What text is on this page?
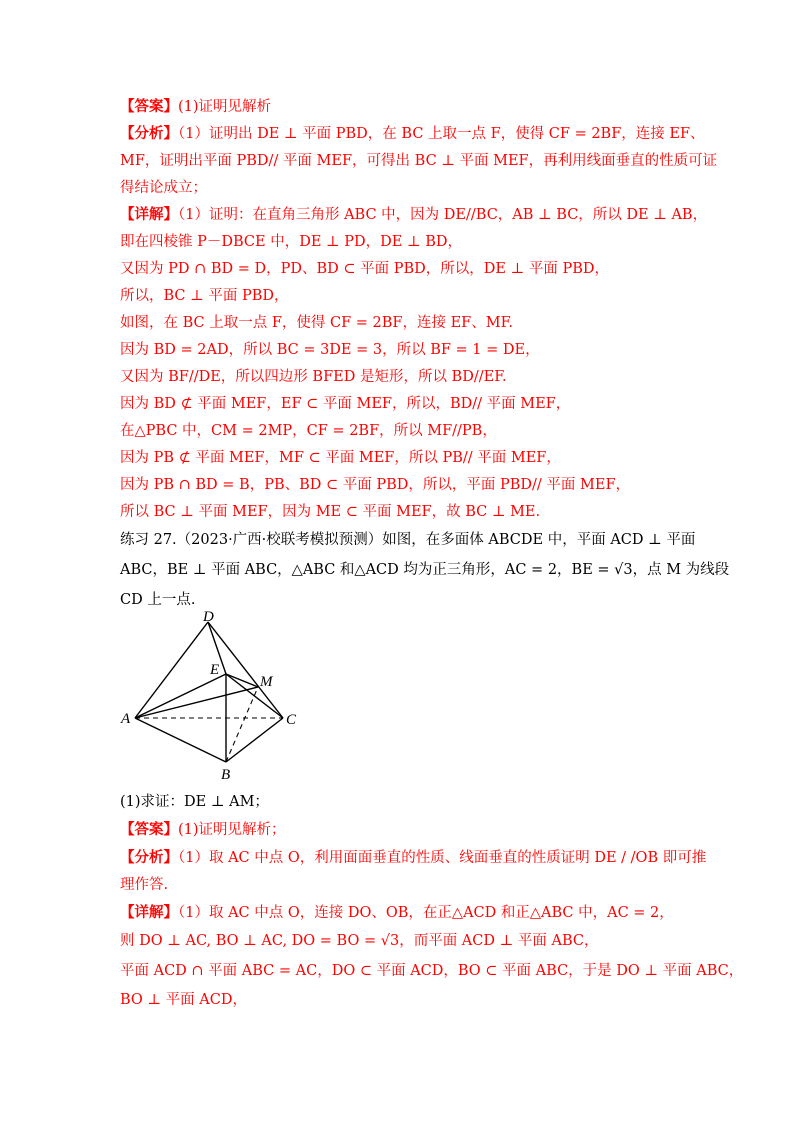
【答案】(1)证明见解析
【分析】（1）证明出 DE ⊥ 平面 PBD，在 BC 上取一点 F，使得 CF = 2BF，连接 EF、
MF，证明出平面 PBD// 平面 MEF，可得出 BC ⊥ 平面 MEF，再利用线面垂直的性质可证
得结论成立；
【详解】（1）证明：在直角三角形 ABC 中，因为 DE//BC，AB ⊥ BC，所以 DE ⊥ AB，
即在四棱锥 P－DBCE 中，DE ⊥ PD，DE ⊥ BD，
又因为 PD ∩ BD = D，PD、BD ⊂ 平面 PBD，所以，DE ⊥ 平面 PBD，
所以，BC ⊥ 平面 PBD，
如图，在 BC 上取一点 F，使得 CF = 2BF，连接 EF、MF.
因为 BD = 2AD，所以 BC = 3DE = 3，所以 BF = 1 = DE，
又因为 BF//DE，所以四边形 BFED 是矩形，所以 BD//EF.
因为 BD ⊄ 平面 MEF，EF ⊂ 平面 MEF，所以，BD// 平面 MEF，
在△PBC 中，CM = 2MP，CF = 2BF，所以 MF//PB，
因为 PB ⊄ 平面 MEF，MF ⊂ 平面 MEF，所以 PB// 平面 MEF，
因为 PB ∩ BD = B，PB、BD ⊂ 平面 PBD，所以，平面 PBD// 平面 MEF，
所以 BC ⊥ 平面 MEF，因为 ME ⊂ 平面 MEF，故 BC ⊥ ME.
练习 27.（2023·广西·校联考模拟预测）如图，在多面体 ABCDE 中，平面 ACD ⊥ 平面
ABC，BE ⊥ 平面 ABC，△ABC 和△ACD 均为正三角形，AC = 2，BE = √3，点 M 为线段
CD 上一点.
D
E
M
A	C
B
(1)求证：DE ⊥ AM；
【答案】(1)证明见解析；
【分析】（1）取 AC 中点 O，利用面面垂直的性质、线面垂直的性质证明 DE / /OB 即可推
理作答.
【详解】（1）取 AC 中点 O，连接 DO、OB，在正△ACD 和正△ABC 中，AC = 2，
则 DO ⊥ AC, BO ⊥ AC, DO = BO = √3，而平面 ACD ⊥ 平面 ABC，
平面 ACD ∩ 平面 ABC = AC，DO ⊂ 平面 ACD，BO ⊂ 平面 ABC，于是 DO ⊥ 平面 ABC，
BO ⊥ 平面 ACD，
